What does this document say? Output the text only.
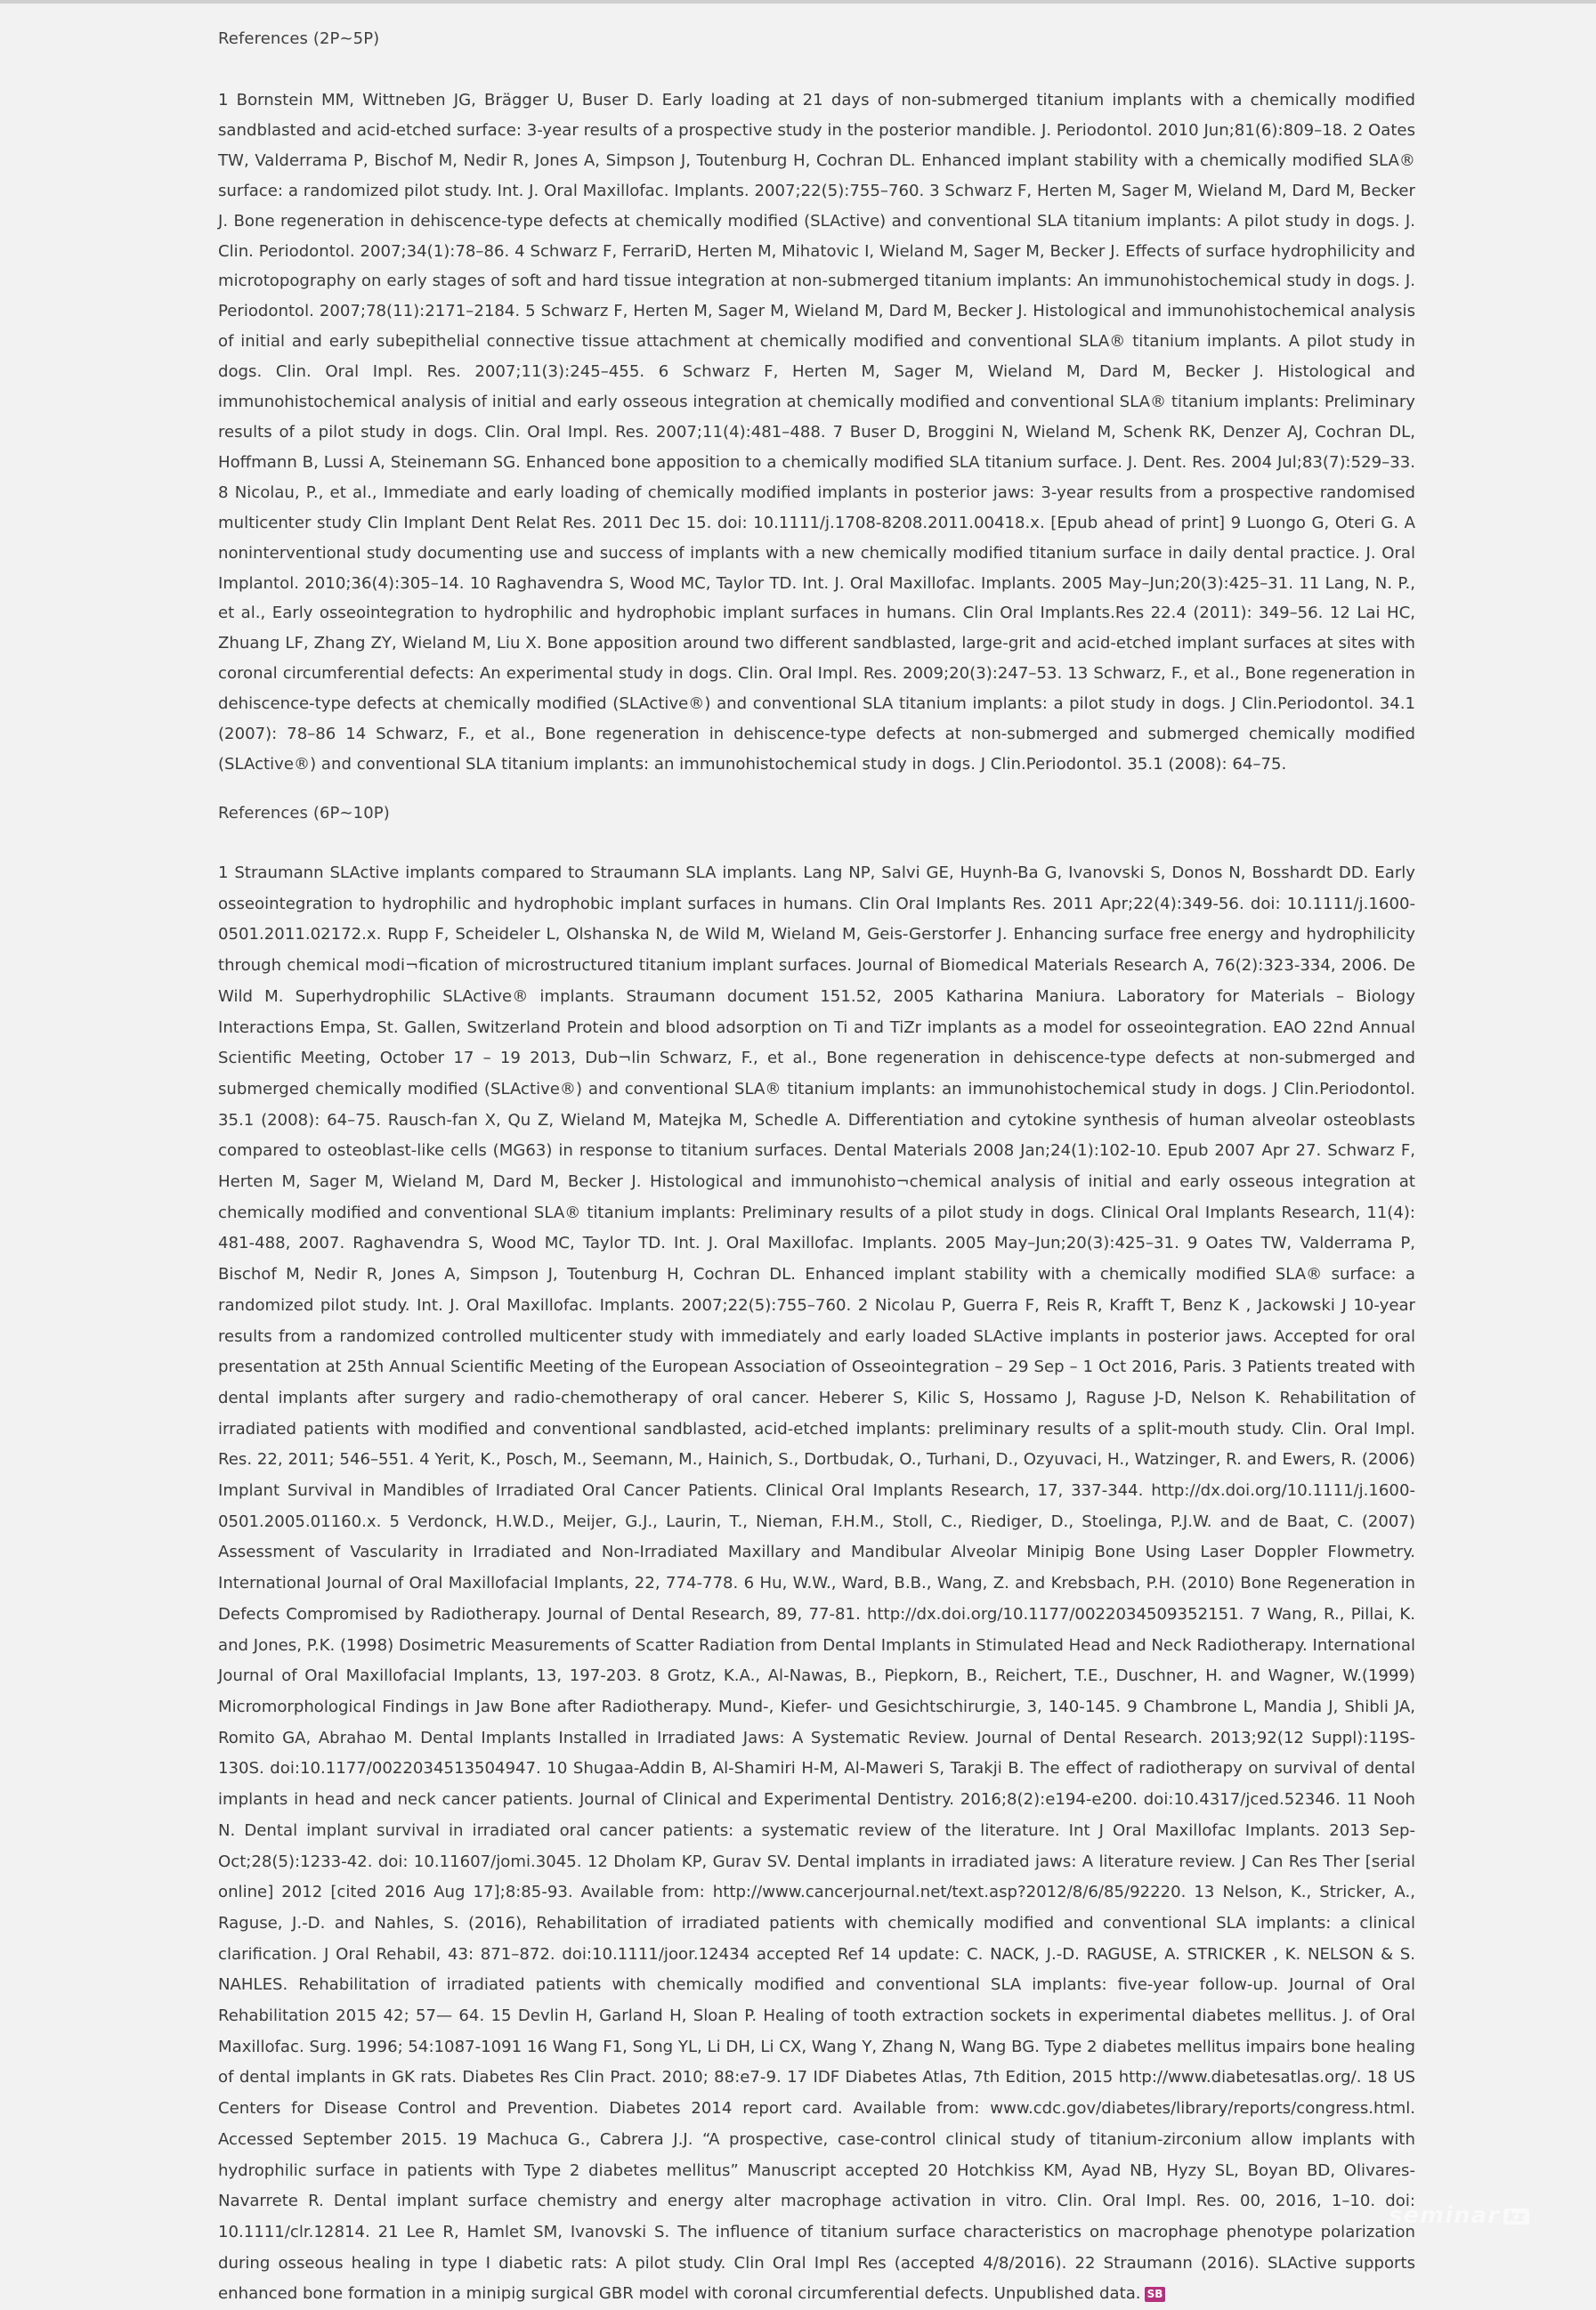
References (2P~5P)
1 Bornstein MM, Wittneben JG, Brägger U, Buser D. Early loading at 21 days of non-submerged titanium implants with a chemically modified sandblasted and acid-etched surface: 3-year results of a prospective study in the posterior mandible. J. Periodontol. 2010 Jun;81(6):809–18. 2 Oates TW, Valderrama P, Bischof M, Nedir R, Jones A, Simpson J, Toutenburg H, Cochran DL. Enhanced implant stability with a chemically modified SLA® surface: a randomized pilot study. Int. J. Oral Maxillofac. Implants. 2007;22(5):755–760. 3 Schwarz F, Herten M, Sager M, Wieland M, Dard M, Becker J. Bone regeneration in dehiscence-type defects at chemically modified (SLActive) and conventional SLA titanium implants: A pilot study in dogs. J. Clin. Periodontol. 2007;34(1):78–86. 4 Schwarz F, FerrariD, Herten M, Mihatovic I, Wieland M, Sager M, Becker J. Effects of surface hydrophilicity and microtopography on early stages of soft and hard tissue integration at non-submerged titanium implants: An immunohistochemical study in dogs. J. Periodontol. 2007;78(11):2171–2184. 5 Schwarz F, Herten M, Sager M, Wieland M, Dard M, Becker J. Histological and immunohistochemical analysis of initial and early subepithelial connective tissue attachment at chemically modified and conventional SLA® titanium implants. A pilot study in dogs. Clin. Oral Impl. Res. 2007;11(3):245–455. 6 Schwarz F, Herten M, Sager M, Wieland M, Dard M, Becker J. Histological and immunohistochemical analysis of initial and early osseous integration at chemically modified and conventional SLA® titanium implants: Preliminary results of a pilot study in dogs. Clin. Oral Impl. Res. 2007;11(4):481–488. 7 Buser D, Broggini N, Wieland M, Schenk RK, Denzer AJ, Cochran DL, Hoffmann B, Lussi A, Steinemann SG. Enhanced bone apposition to a chemically modified SLA titanium surface. J. Dent. Res. 2004 Jul;83(7):529–33. 8 Nicolau, P., et al., Immediate and early loading of chemically modified implants in posterior jaws: 3-year results from a prospective randomised multicenter study Clin Implant Dent Relat Res. 2011 Dec 15. doi: 10.1111/j.1708-8208.2011.00418.x. [Epub ahead of print] 9 Luongo G, Oteri G. A noninterventional study documenting use and success of implants with a new chemically modified titanium surface in daily dental practice. J. Oral Implantol. 2010;36(4):305–14. 10 Raghavendra S, Wood MC, Taylor TD. Int. J. Oral Maxillofac. Implants. 2005 May–Jun;20(3):425–31. 11 Lang, N. P., et al., Early osseointegration to hydrophilic and hydrophobic implant surfaces in humans. Clin Oral Implants.Res 22.4 (2011): 349–56. 12 Lai HC, Zhuang LF, Zhang ZY, Wieland M, Liu X. Bone apposition around two different sandblasted, large-grit and acid-etched implant surfaces at sites with coronal circumferential defects: An experimental study in dogs. Clin. Oral Impl. Res. 2009;20(3):247–53. 13 Schwarz, F., et al., Bone regeneration in dehiscence-type defects at chemically modified (SLActive®) and conventional SLA titanium implants: a pilot study in dogs. J Clin.Periodontol. 34.1 (2007): 78–86 14 Schwarz, F., et al., Bone regeneration in dehiscence-type defects at non-submerged and submerged chemically modified (SLActive®) and conventional SLA titanium implants: an immunohistochemical study in dogs. J Clin.Periodontol. 35.1 (2008): 64–75.
References (6P~10P)
1 Straumann SLActive implants compared to Straumann SLA implants. Lang NP, Salvi GE, Huynh-Ba G, Ivanovski S, Donos N, Bosshardt DD. Early osseointegration to hydrophilic and hydrophobic implant surfaces in humans. Clin Oral Implants Res. 2011 Apr;22(4):349-56. doi: 10.1111/j.1600-0501.2011.02172.x. Rupp F, Scheideler L, Olshanska N, de Wild M, Wieland M, Geis-Gerstorfer J. Enhancing surface free energy and hydrophilicity through chemical modi¬fication of microstructured titanium implant surfaces. Journal of Biomedical Materials Research A, 76(2):323-334, 2006. De Wild M. Superhydrophilic SLActive® implants. Straumann document 151.52, 2005 Katharina Maniura. Laboratory for Materials – Biology Interactions Empa, St. Gallen, Switzerland Protein and blood adsorption on Ti and TiZr implants as a model for osseointegration. EAO 22nd Annual Scientific Meeting, October 17 – 19 2013, Dub¬lin Schwarz, F., et al., Bone regeneration in dehiscence-type defects at non-submerged and submerged chemically modified (SLActive®) and conventional SLA® titanium implants: an immunohistochemical study in dogs. J Clin.Periodontol. 35.1 (2008): 64–75. Rausch-fan X, Qu Z, Wieland M, Matejka M, Schedle A. Differentiation and cytokine synthesis of human alveolar osteoblasts compared to osteoblast-like cells (MG63) in response to titanium surfaces. Dental Materials 2008 Jan;24(1):102-10. Epub 2007 Apr 27. Schwarz F, Herten M, Sager M, Wieland M, Dard M, Becker J. Histological and immunohisto¬chemical analysis of initial and early osseous integration at chemically modified and conventional SLA® titanium implants: Preliminary results of a pilot study in dogs. Clinical Oral Implants Research, 11(4): 481-488, 2007. Raghavendra S, Wood MC, Taylor TD. Int. J. Oral Maxillofac. Implants. 2005 May–Jun;20(3):425–31. 9 Oates TW, Valderrama P, Bischof M, Nedir R, Jones A, Simpson J, Toutenburg H, Cochran DL. Enhanced implant stability with a chemically modified SLA® surface: a randomized pilot study. Int. J. Oral Maxillofac. Implants. 2007;22(5):755–760. 2 Nicolau P, Guerra F, Reis R, Krafft T, Benz K , Jackowski J 10-year results from a randomized controlled multicenter study with immediately and early loaded SLActive implants in posterior jaws. Accepted for oral presentation at 25th Annual Scientific Meeting of the European Association of Osseointegration – 29 Sep – 1 Oct 2016, Paris. 3 Patients treated with dental implants after surgery and radio-chemotherapy of oral cancer. Heberer S, Kilic S, Hossamo J, Raguse J-D, Nelson K. Rehabilitation of irradiated patients with modified and conventional sandblasted, acid-etched implants: preliminary results of a split-mouth study. Clin. Oral Impl. Res. 22, 2011; 546–551. 4 Yerit, K., Posch, M., Seemann, M., Hainich, S., Dortbudak, O., Turhani, D., Ozyuvaci, H., Watzinger, R. and Ewers, R. (2006) Implant Survival in Mandibles of Irradiated Oral Cancer Patients. Clinical Oral Implants Research, 17, 337-344. http://dx.doi.org/10.1111/j.1600-0501.2005.01160.x. 5 Verdonck, H.W.D., Meijer, G.J., Laurin, T., Nieman, F.H.M., Stoll, C., Riediger, D., Stoelinga, P.J.W. and de Baat, C. (2007) Assessment of Vascularity in Irradiated and Non-Irradiated Maxillary and Mandibular Alveolar Minipig Bone Using Laser Doppler Flowmetry. International Journal of Oral Maxillofacial Implants, 22, 774-778. 6 Hu, W.W., Ward, B.B., Wang, Z. and Krebsbach, P.H. (2010) Bone Regeneration in Defects Compromised by Radiotherapy. Journal of Dental Research, 89, 77-81. http://dx.doi.org/10.1177/0022034509352151. 7 Wang, R., Pillai, K. and Jones, P.K. (1998) Dosimetric Measurements of Scatter Radiation from Dental Implants in Stimulated Head and Neck Radiotherapy. International Journal of Oral Maxillofacial Implants, 13, 197-203. 8 Grotz, K.A., Al-Nawas, B., Piepkorn, B., Reichert, T.E., Duschner, H. and Wagner, W.(1999) Micromorphological Findings in Jaw Bone after Radiotherapy. Mund-, Kiefer- und Gesichtschirurgie, 3, 140-145. 9 Chambrone L, Mandia J, Shibli JA, Romito GA, Abrahao M. Dental Implants Installed in Irradiated Jaws: A Systematic Review. Journal of Dental Research. 2013;92(12 Suppl):119S-130S. doi:10.1177/0022034513504947. 10 Shugaa-Addin B, Al-Shamiri H-M, Al-Maweri S, Tarakji B. The effect of radiotherapy on survival of dental implants in head and neck cancer patients. Journal of Clinical and Experimental Dentistry. 2016;8(2):e194-e200. doi:10.4317/jced.52346. 11 Nooh N. Dental implant survival in irradiated oral cancer patients: a systematic review of the literature. Int J Oral Maxillofac Implants. 2013 Sep-Oct;28(5):1233-42. doi: 10.11607/jomi.3045. 12 Dholam KP, Gurav SV. Dental implants in irradiated jaws: A literature review. J Can Res Ther [serial online] 2012 [cited 2016 Aug 17];8:85-93. Available from: http://www.cancerjournal.net/text.asp?2012/8/6/85/92220. 13 Nelson, K., Stricker, A., Raguse, J.-D. and Nahles, S. (2016), Rehabilitation of irradiated patients with chemically modified and conventional SLA implants: a clinical clarification. J Oral Rehabil, 43: 871–872. doi:10.1111/joor.12434 accepted Ref 14 update: C. NACK, J.-D. RAGUSE, A. STRICKER , K. NELSON & S. NAHLES. Rehabilitation of irradiated patients with chemically modified and conventional SLA implants: five-year follow-up. Journal of Oral Rehabilitation 2015 42; 57— 64. 15 Devlin H, Garland H, Sloan P. Healing of tooth extraction sockets in experimental diabetes mellitus. J. of Oral Maxillofac. Surg. 1996; 54:1087-1091 16 Wang F1, Song YL, Li DH, Li CX, Wang Y, Zhang N, Wang BG. Type 2 diabetes mellitus impairs bone healing of dental implants in GK rats. Diabetes Res Clin Pract. 2010; 88:e7-9. 17 IDF Diabetes Atlas, 7th Edition, 2015 http://www.diabetesatlas.org/. 18 US Centers for Disease Control and Prevention. Diabetes 2014 report card. Available from: www.cdc.gov/diabetes/library/reports/congress.html. Accessed September 2015. 19 Machuca G., Cabrera J.J. “A prospective, case-control clinical study of titanium-zirconium allow implants with hydrophilic surface in patients with Type 2 diabetes mellitus” Manuscript accepted 20 Hotchkiss KM, Ayad NB, Hyzy SL, Boyan BD, Olivares-Navarrete R. Dental implant surface chemistry and energy alter macrophage activation in vitro. Clin. Oral Impl. Res. 00, 2016, 1–10. doi: 10.1111/clr.12814. 21 Lee R, Hamlet SM, Ivanovski S. The influence of titanium surface characteristics on macrophage phenotype polarization during osseous healing in type I diabetic rats: A pilot study. Clin Oral Impl Res (accepted 4/8/2016). 22 Straumann (2016). SLActive supports enhanced bone formation in a minipig surgical GBR model with coronal circumferential defects. Unpublished data. SB
seminar kz
